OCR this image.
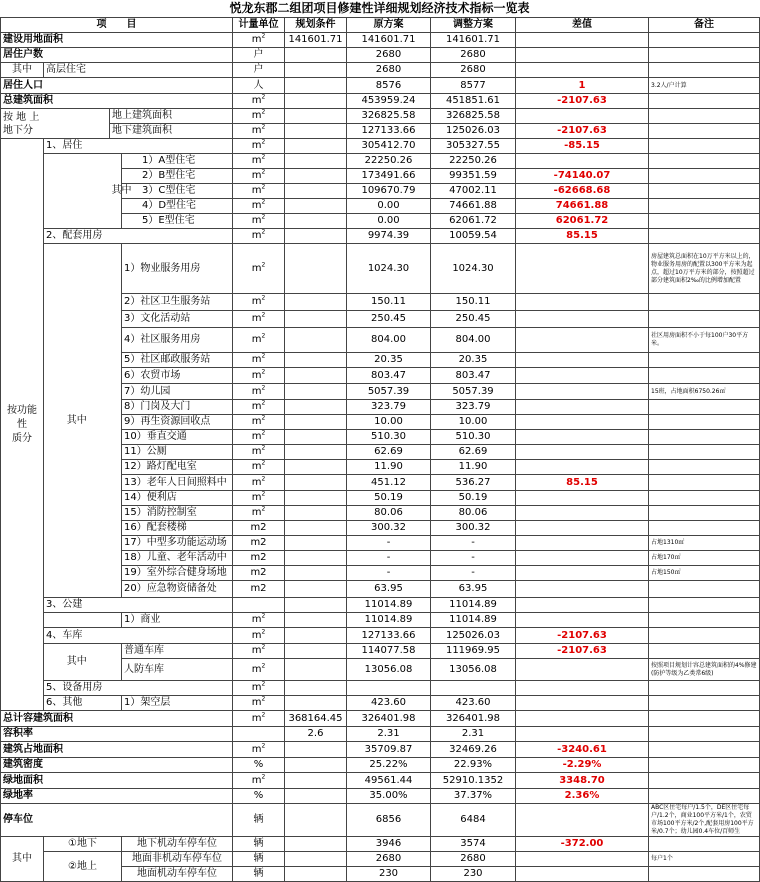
悦龙东郡二组团项目修建性详细规划经济技术指标一览表
项　　目				计量单位	规划条件	原方案	调整方案	差值	备注
建设用地面积				$m^2$	141601.71	141601.71	141601.71		
居住户数				户		2680	2680		
其中	高层住宅			户		2680	2680		
居住人口				人		8576	8577	1	3.2人/户计算
总建筑面积				$m^2$		453959.24	451851.61	-2107.63	
按 地 上
地下分		地上建筑面积		$m^2$		326825.58	326825.58		
		地下建筑面积		$m^2$		127133.66	125026.03	-2107.63	
按功能性
质分	1、居住			$m^2$		305412.70	305327.55	-85.15	
		其中	1）A型住宅	$m^2$		22250.26	22250.26		
			2）B型住宅	$m^2$		173491.66	99351.59	-74140.07	
			3）C型住宅	$m^2$		109670.79	47002.11	-62668.68	
			4）D型住宅	$m^2$		0.00	74661.88	74661.88	
			5）E型住宅	$m^2$		0.00	62061.72	62061.72	
	2、配套用房			$m^2$		9974.39	10059.54	85.15	
	其中		1）物业服务用房	$m^2$		1024.30	1024.30		房屋建筑总面积在10万平方米以上的，物业服务用房的配置以300平方米为起点，超过10万平方米的部分，按照超过部分建筑面积2‰的比例增加配置
			2）社区卫生服务站	$m^2$		150.11	150.11		
			3）文化活动站	$m^2$		250.45	250.45		
			4）社区服务用房	$m^2$		804.00	804.00		社区用房面积不小于每100户30平方米。
			5）社区邮政服务站	$m^2$		20.35	20.35		
			6）农贸市场	$m^2$		803.47	803.47		
			7）幼儿园	$m^2$		5057.39	5057.39		15班，占地面积6750.26㎡
			8）门岗及大门	$m^2$		323.79	323.79		
			9）再生资源回收点	$m^2$		10.00	10.00		
			10）垂直交通	$m^2$		510.30	510.30		
			11）公厕	$m^2$		62.69	62.69		
			12）路灯配电室	$m^2$		11.90	11.90		
			13）老年人日间照料中	$m^2$		451.12	536.27	85.15	
			14）便利店	$m^2$		50.19	50.19		
			15）消防控制室	$m^2$		80.06	80.06		
			16）配套楼梯	m2		300.32	300.32		
			17）中型多功能运动场	m2		-	-		占地1310㎡
			18）儿童、老年活动中	m2		-	-		占地170㎡
			19）室外综合健身场地	m2		-	-		占地150㎡
			20）应急物资储备处	m2		63.95	63.95		
	3、公建					11014.89	11014.89		
			1）商业	$m^2$		11014.89	11014.89		
	4、车库			$m^2$		127133.66	125026.03	-2107.63	
	其中		普通车库	$m^2$		114077.58	111969.95	-2107.63	
			人防车库	$m^2$		13056.08	13056.08		按照项目规划计容总建筑面积的4%修建(防护等级为乙类常6级)
	5、设备用房			$m^2$					
	6、其他		1）架空层	$m^2$		423.60	423.60		
总计容建筑面积				$m^2$	368164.45	326401.98	326401.98		
容积率					2.6	2.31	2.31		
建筑占地面积				$m^2$		35709.87	32469.26	-3240.61	
建筑密度				%		25.22%	22.93%	-2.29%	
绿地面积				$m^2$		49561.44	52910.1352	3348.70	
绿地率				%		35.00%	37.37%	2.36%	
停车位				辆		6856	6484		ABC区住宅每户/1.5个，DE区住宅每户/1.2个，商业100平方米/1个，农贸市场100平方米/2个,配套用房100平方米/0.7个；幼儿园0.4车位/百师生
其中	①地下		地下机动车停车位	辆		3946	3574	-372.00	
	②地上		地面非机动车停车位	辆		2680	2680		每户1个
			地面机动车停车位	辆		230	230		
